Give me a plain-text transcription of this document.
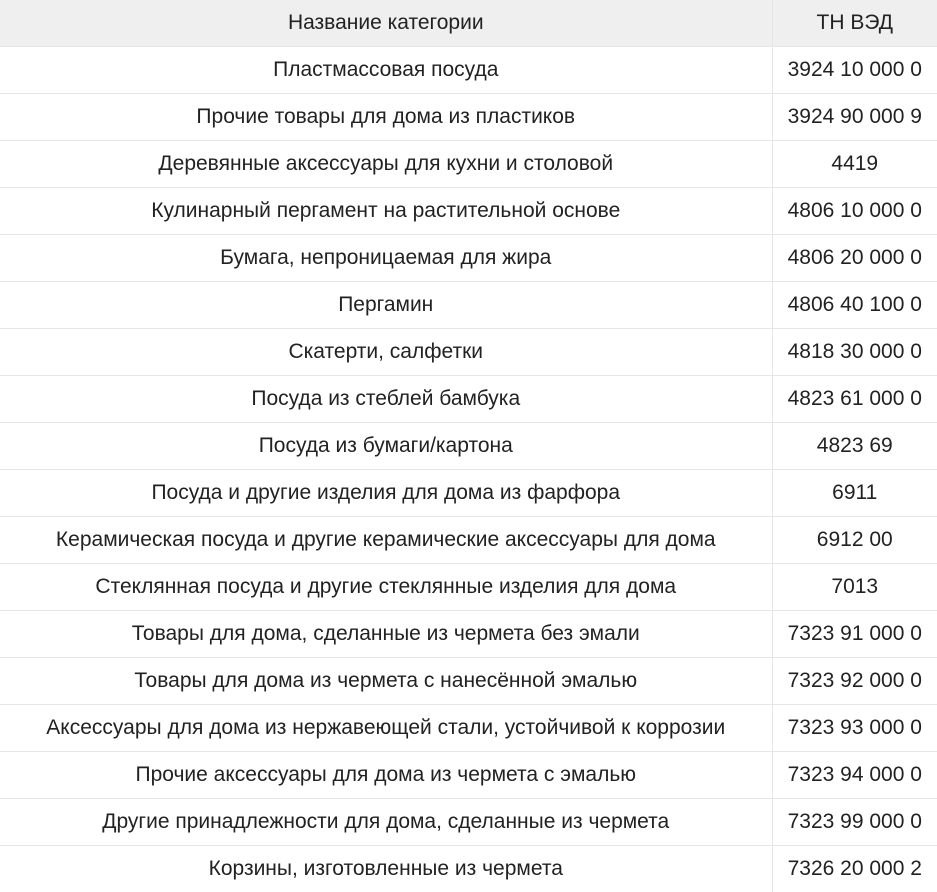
Название категории	ТН ВЭД
Пластмассовая посуда	3924 10 000 0
Прочие товары для дома из пластиков	3924 90 000 9
Деревянные аксессуары для кухни и столовой	4419
Кулинарный пергамент на растительной основе	4806 10 000 0
Бумага, непроницаемая для жира	4806 20 000 0
Пергамин	4806 40 100 0
Скатерти, салфетки	4818 30 000 0
Посуда из стеблей бамбука	4823 61 000 0
Посуда из бумаги/картона	4823 69
Посуда и другие изделия для дома из фарфора	6911
Керамическая посуда и другие керамические аксессуары для дома	6912 00
Стеклянная посуда и другие стеклянные изделия для дома	7013
Товары для дома, сделанные из чермета без эмали	7323 91 000 0
Товары для дома из чермета с нанесённой эмалью	7323 92 000 0
Аксессуары для дома из нержавеющей стали, устойчивой к коррозии	7323 93 000 0
Прочие аксессуары для дома из чермета с эмалью	7323 94 000 0
Другие принадлежности для дома, сделанные из чермета	7323 99 000 0
Корзины, изготовленные из чермета	7326 20 000 2
